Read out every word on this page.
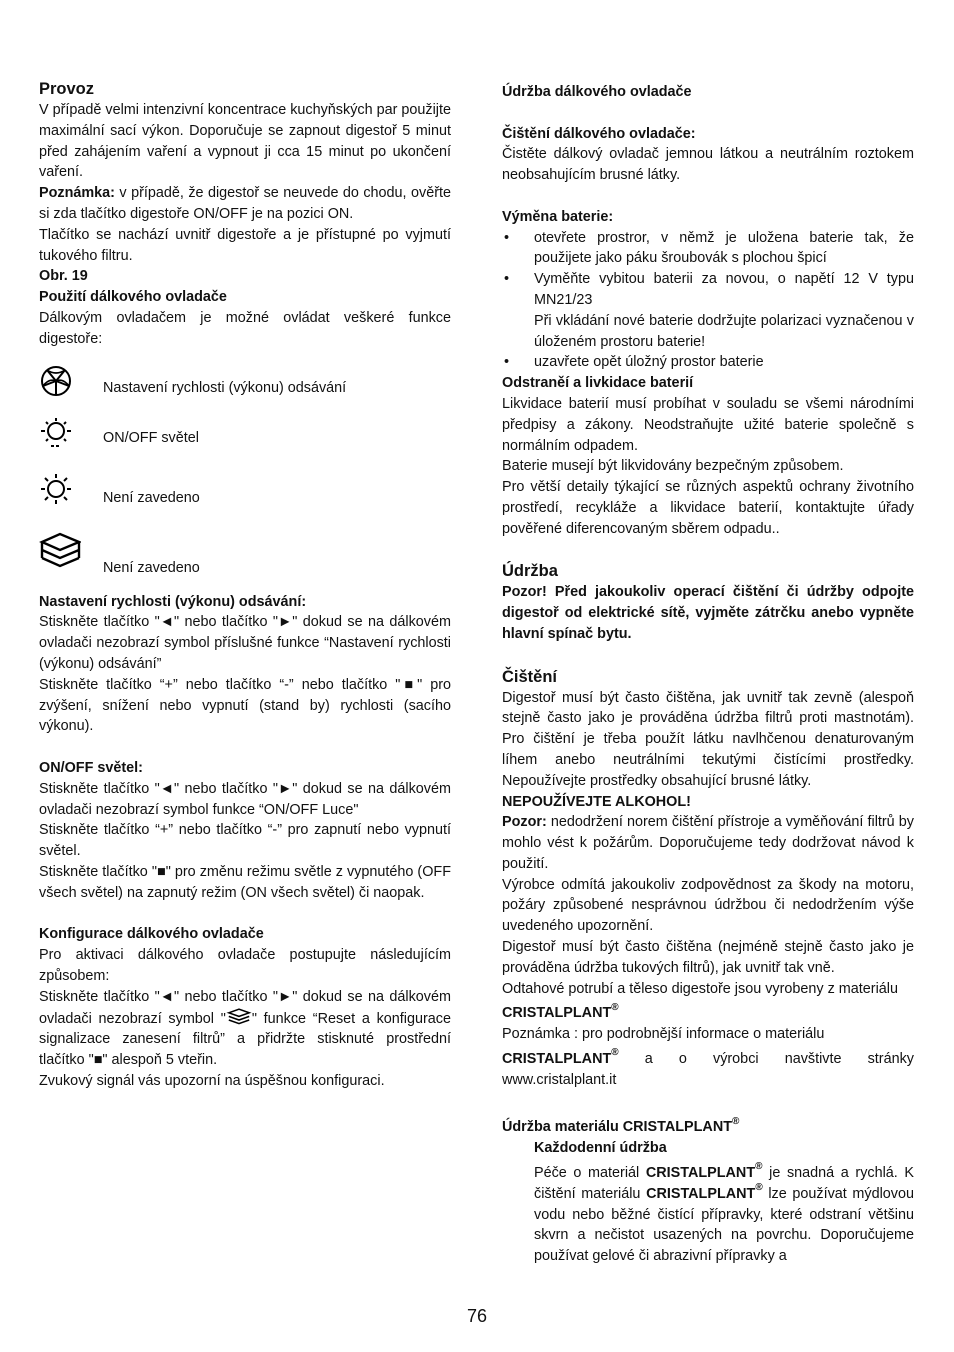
Provoz

V případě velmi intenzivní koncentrace kuchyňských par použijte maximální sací výkon. Doporučuje se zapnout digestoř 5 minut před zahájením vaření a vypnout ji cca 15 minut po ukončení vaření.

Poznámka: v případě, že digestoř se neuvede do chodu, ověřte si zda tlačítko digestoře ON/OFF je na pozici ON.

Tlačítko se nachází uvnitř digestoře a je přístupné po vyjmutí tukového filtru.

Obr. 19

Použití dálkového ovladače

Dálkovým ovladačem je možné ovládat veškeré funkce digestoře:

Nastavení rychlosti (výkonu) odsávání
ON/OFF světel
Není zavedeno
Není zavedeno

Nastavení rychlosti (výkonu) odsávání:

Stiskněte tlačítko "◄" nebo tlačítko "►" dokud se na dálkovém ovladači nezobrazí symbol příslušné funkce “Nastavení rychlosti (výkonu) odsávání”

Stiskněte tlačítko “+” nebo tlačítko “-” nebo tlačítko "■" pro zvýšení, snížení nebo vypnutí (stand by) rychlosti (sacího výkonu).

ON/OFF světel:

Stiskněte tlačítko "◄" nebo tlačítko "►" dokud se na dálkovém ovladači nezobrazí symbol funkce “ON/OFF Luce"

Stiskněte tlačítko “+” nebo tlačítko “-” pro zapnutí nebo vypnutí světel.

Stiskněte tlačítko "■" pro změnu režimu světle z vypnutého (OFF všech světel) na zapnutý režim (ON všech světel) či naopak.

Konfigurace dálkového ovladače

Pro aktivaci dálkového ovladače postupujte následujícím způsobem:

Stiskněte tlačítko "◄" nebo tlačítko "►" dokud se na dálkovém ovladači nezobrazí symbol " " funkce “Reset a konfigurace signalizace zanesení filtrů” a přidržte stisknuté prostřední tlačítko "■" alespoň 5 vteřin.

Zvukový signál vás upozorní na úspěšnou konfiguraci.

Údržba dálkového ovladače

Čištění dálkového ovladače:

Čistěte dálkový ovladač jemnou látkou a neutrálním roztokem neobsahujícím brusné látky.

Výměna baterie:

• otevřete prostror, v němž je uložena baterie tak, že použijete jako páku šroubovák s plochou špicí
• Vyměňte vybitou baterii za novou, o napětí 12 V typu MN21/23
Při vkládání nové baterie dodržujte polarizaci vyznačenou v úloženém prostoru baterie!
• uzavřete opět úložný prostor baterie

Odstraněí a livkidace baterií

Likvidace baterií musí probíhat v souladu se všemi národními předpisy a zákony. Neodstraňujte užité baterie společně s normálním odpadem.

Baterie musejí být likvidovány bezpečným způsobem.

Pro větší detaily týkající se různých aspektů ochrany životního prostředí, recykláže a likvidace baterií, kontaktujte úřady pověřené diferencovaným sběrem odpadu..

Údržba

Pozor! Před jakoukoliv operací čištění či údržby odpojte digestoř od elektrické sítě, vyjměte zátrčku anebo vypněte hlavní spínač bytu.

Čištění

Digestoř musí být často čištěna, jak uvnitř tak zevně (alespoň stejně často jako je prováděna údržba filtrů proti mastnotám). Pro čištění je třeba použít látku navlhčenou denaturovaným líhem anebo neutrálními tekutými čistícími prostředky. Nepoužívejte prostředky obsahující brusné látky.

NEPOUŽÍVEJTE ALKOHOL!

Pozor: nedodržení norem čištění přístroje a vyměňování filtrů by mohlo vést k požárům. Doporučujeme tedy dodržovat návod k použití.

Výrobce odmítá jakoukoliv zodpovědnost za škody na motoru, požáry způsobené nesprávnou údržbou či nedodržením výše uvedeného upozornění.

Digestoř musí být často čištěna (nejméně stejně často jako je prováděna údržba tukových filtrů), jak uvnitř tak vně.

Odtahové potrubí a těleso digestoře jsou vyrobeny z materiálu

CRISTALPLANT®

Poznámka : pro podrobnější informace o materiálu

CRISTALPLANT® a o výrobci navštivte stránky www.cristalplant.it

Údržba materiálu CRISTALPLANT®

Každodenní údržba

Péče o materiál CRISTALPLANT® je snadná a rychlá. K čištění materiálu CRISTALPLANT® lze používat mýdlovou vodu nebo běžné čistící přípravky, které odstraní většinu skvrn a nečistot usazených na povrchu. Doporučujeme používat gelové či abrazivní přípravky a

76
